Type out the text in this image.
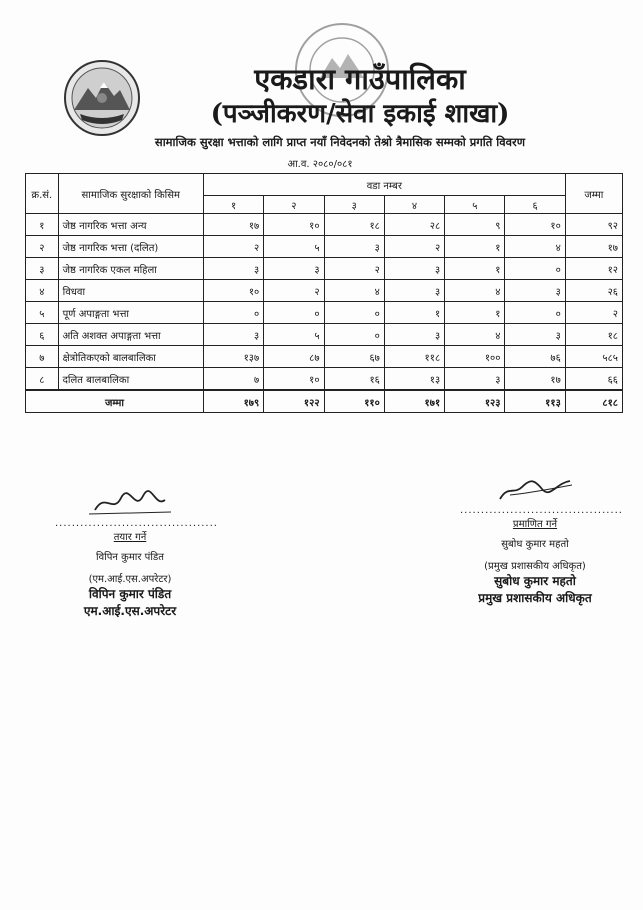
एकडारा गाउँपालिका
(पञ्जीकरण/सेवा इकाई शाखा)
सामाजिक सुरक्षा भत्ताको लागि प्राप्त नयाँ निवेदनको तेश्रो त्रैमासिक सम्मको प्रगति विवरण
आ.व. २०८०/०८१
क्र.सं.	सामाजिक सुरक्षाको किसिम	वडा नम्बर						जम्मा
		१	२	३	४	५	६	
१	जेष्ठ नागरिक भत्ता अन्य	१७	१०	१८	२८	९	१०	९२
२	जेष्ठ नागरिक भत्ता (दलित)	२	५	३	२	१	४	१७
३	जेष्ठ नागरिक एकल महिला	३	३	२	३	१	०	१२
४	विधवा	१०	२	४	३	४	३	२६
५	पूर्ण अपाङ्गता भत्ता	०	०	०	१	१	०	२
६	अति अशक्त अपाङ्गता भत्ता	३	५	०	३	४	३	१८
७	क्षेत्रोतिकएको बालबालिका	१३७	८७	६७	११८	१००	७६	५८५
८	दलित बालबालिका	७	१०	१६	१३	३	१७	६६
जम्मा		१७९	१२२	११०	१७१	१२३	११३	८१८
.......................................
तयार गर्ने
विपिन कुमार पंडित
(एम.आई.एस.अपरेटर)
विपिन कुमार पंडित
एम.आई.एस.अपरेटर
.......................................
प्रमाणित गर्ने
सुबोध कुमार महतो
(प्रमुख प्रशासकीय अधिकृत)
सुबोध कुमार महतो
प्रमुख प्रशासकीय अधिकृत
